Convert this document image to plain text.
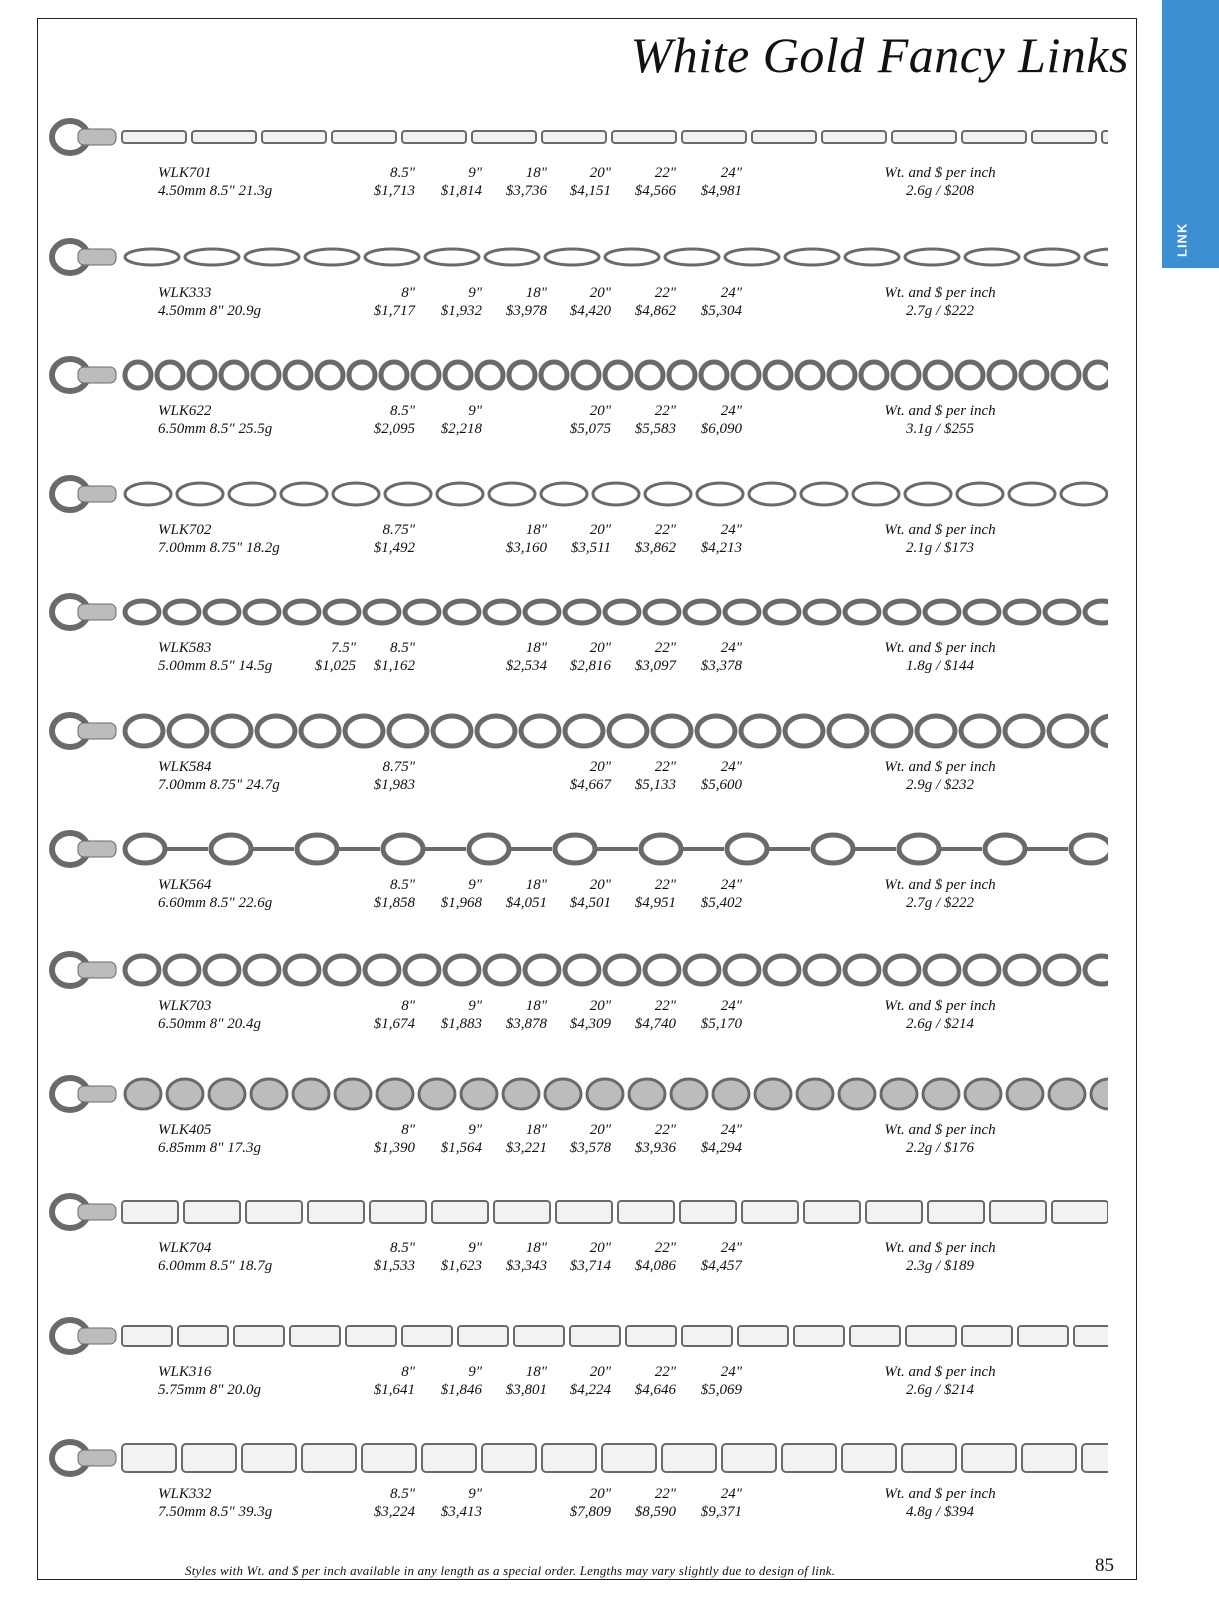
LINK
White Gold Fancy Links
WLK701
4.50mm 8.5" 21.3g
8.5"
$1,713
9"
$1,814
18"
$3,736
20"
$4,151
22"
$4,566
24"
$4,981
Wt. and $ per inch
2.6g / $208
WLK333
4.50mm 8" 20.9g
8"
$1,717
9"
$1,932
18"
$3,978
20"
$4,420
22"
$4,862
24"
$5,304
Wt. and $ per inch
2.7g / $222
WLK622
6.50mm 8.5" 25.5g
8.5"
$2,095
9"
$2,218
20"
$5,075
22"
$5,583
24"
$6,090
Wt. and $ per inch
3.1g / $255
WLK702
7.00mm 8.75" 18.2g
8.75"
$1,492
18"
$3,160
20"
$3,511
22"
$3,862
24"
$4,213
Wt. and $ per inch
2.1g / $173
WLK583
5.00mm 8.5" 14.5g
7.5"
$1,025
8.5"
$1,162
18"
$2,534
20"
$2,816
22"
$3,097
24"
$3,378
Wt. and $ per inch
1.8g / $144
WLK584
7.00mm 8.75" 24.7g
8.75"
$1,983
20"
$4,667
22"
$5,133
24"
$5,600
Wt. and $ per inch
2.9g / $232
WLK564
6.60mm 8.5" 22.6g
8.5"
$1,858
9"
$1,968
18"
$4,051
20"
$4,501
22"
$4,951
24"
$5,402
Wt. and $ per inch
2.7g / $222
WLK703
6.50mm 8" 20.4g
8"
$1,674
9"
$1,883
18"
$3,878
20"
$4,309
22"
$4,740
24"
$5,170
Wt. and $ per inch
2.6g / $214
WLK405
6.85mm 8" 17.3g
8"
$1,390
9"
$1,564
18"
$3,221
20"
$3,578
22"
$3,936
24"
$4,294
Wt. and $ per inch
2.2g / $176
WLK704
6.00mm 8.5" 18.7g
8.5"
$1,533
9"
$1,623
18"
$3,343
20"
$3,714
22"
$4,086
24"
$4,457
Wt. and $ per inch
2.3g / $189
WLK316
5.75mm 8" 20.0g
8"
$1,641
9"
$1,846
18"
$3,801
20"
$4,224
22"
$4,646
24"
$5,069
Wt. and $ per inch
2.6g / $214
WLK332
7.50mm 8.5" 39.3g
8.5"
$3,224
9"
$3,413
20"
$7,809
22"
$8,590
24"
$9,371
Wt. and $ per inch
4.8g / $394
Styles with Wt. and $ per inch available in any length as a special order. Lengths may vary slightly due to design of link.	85
